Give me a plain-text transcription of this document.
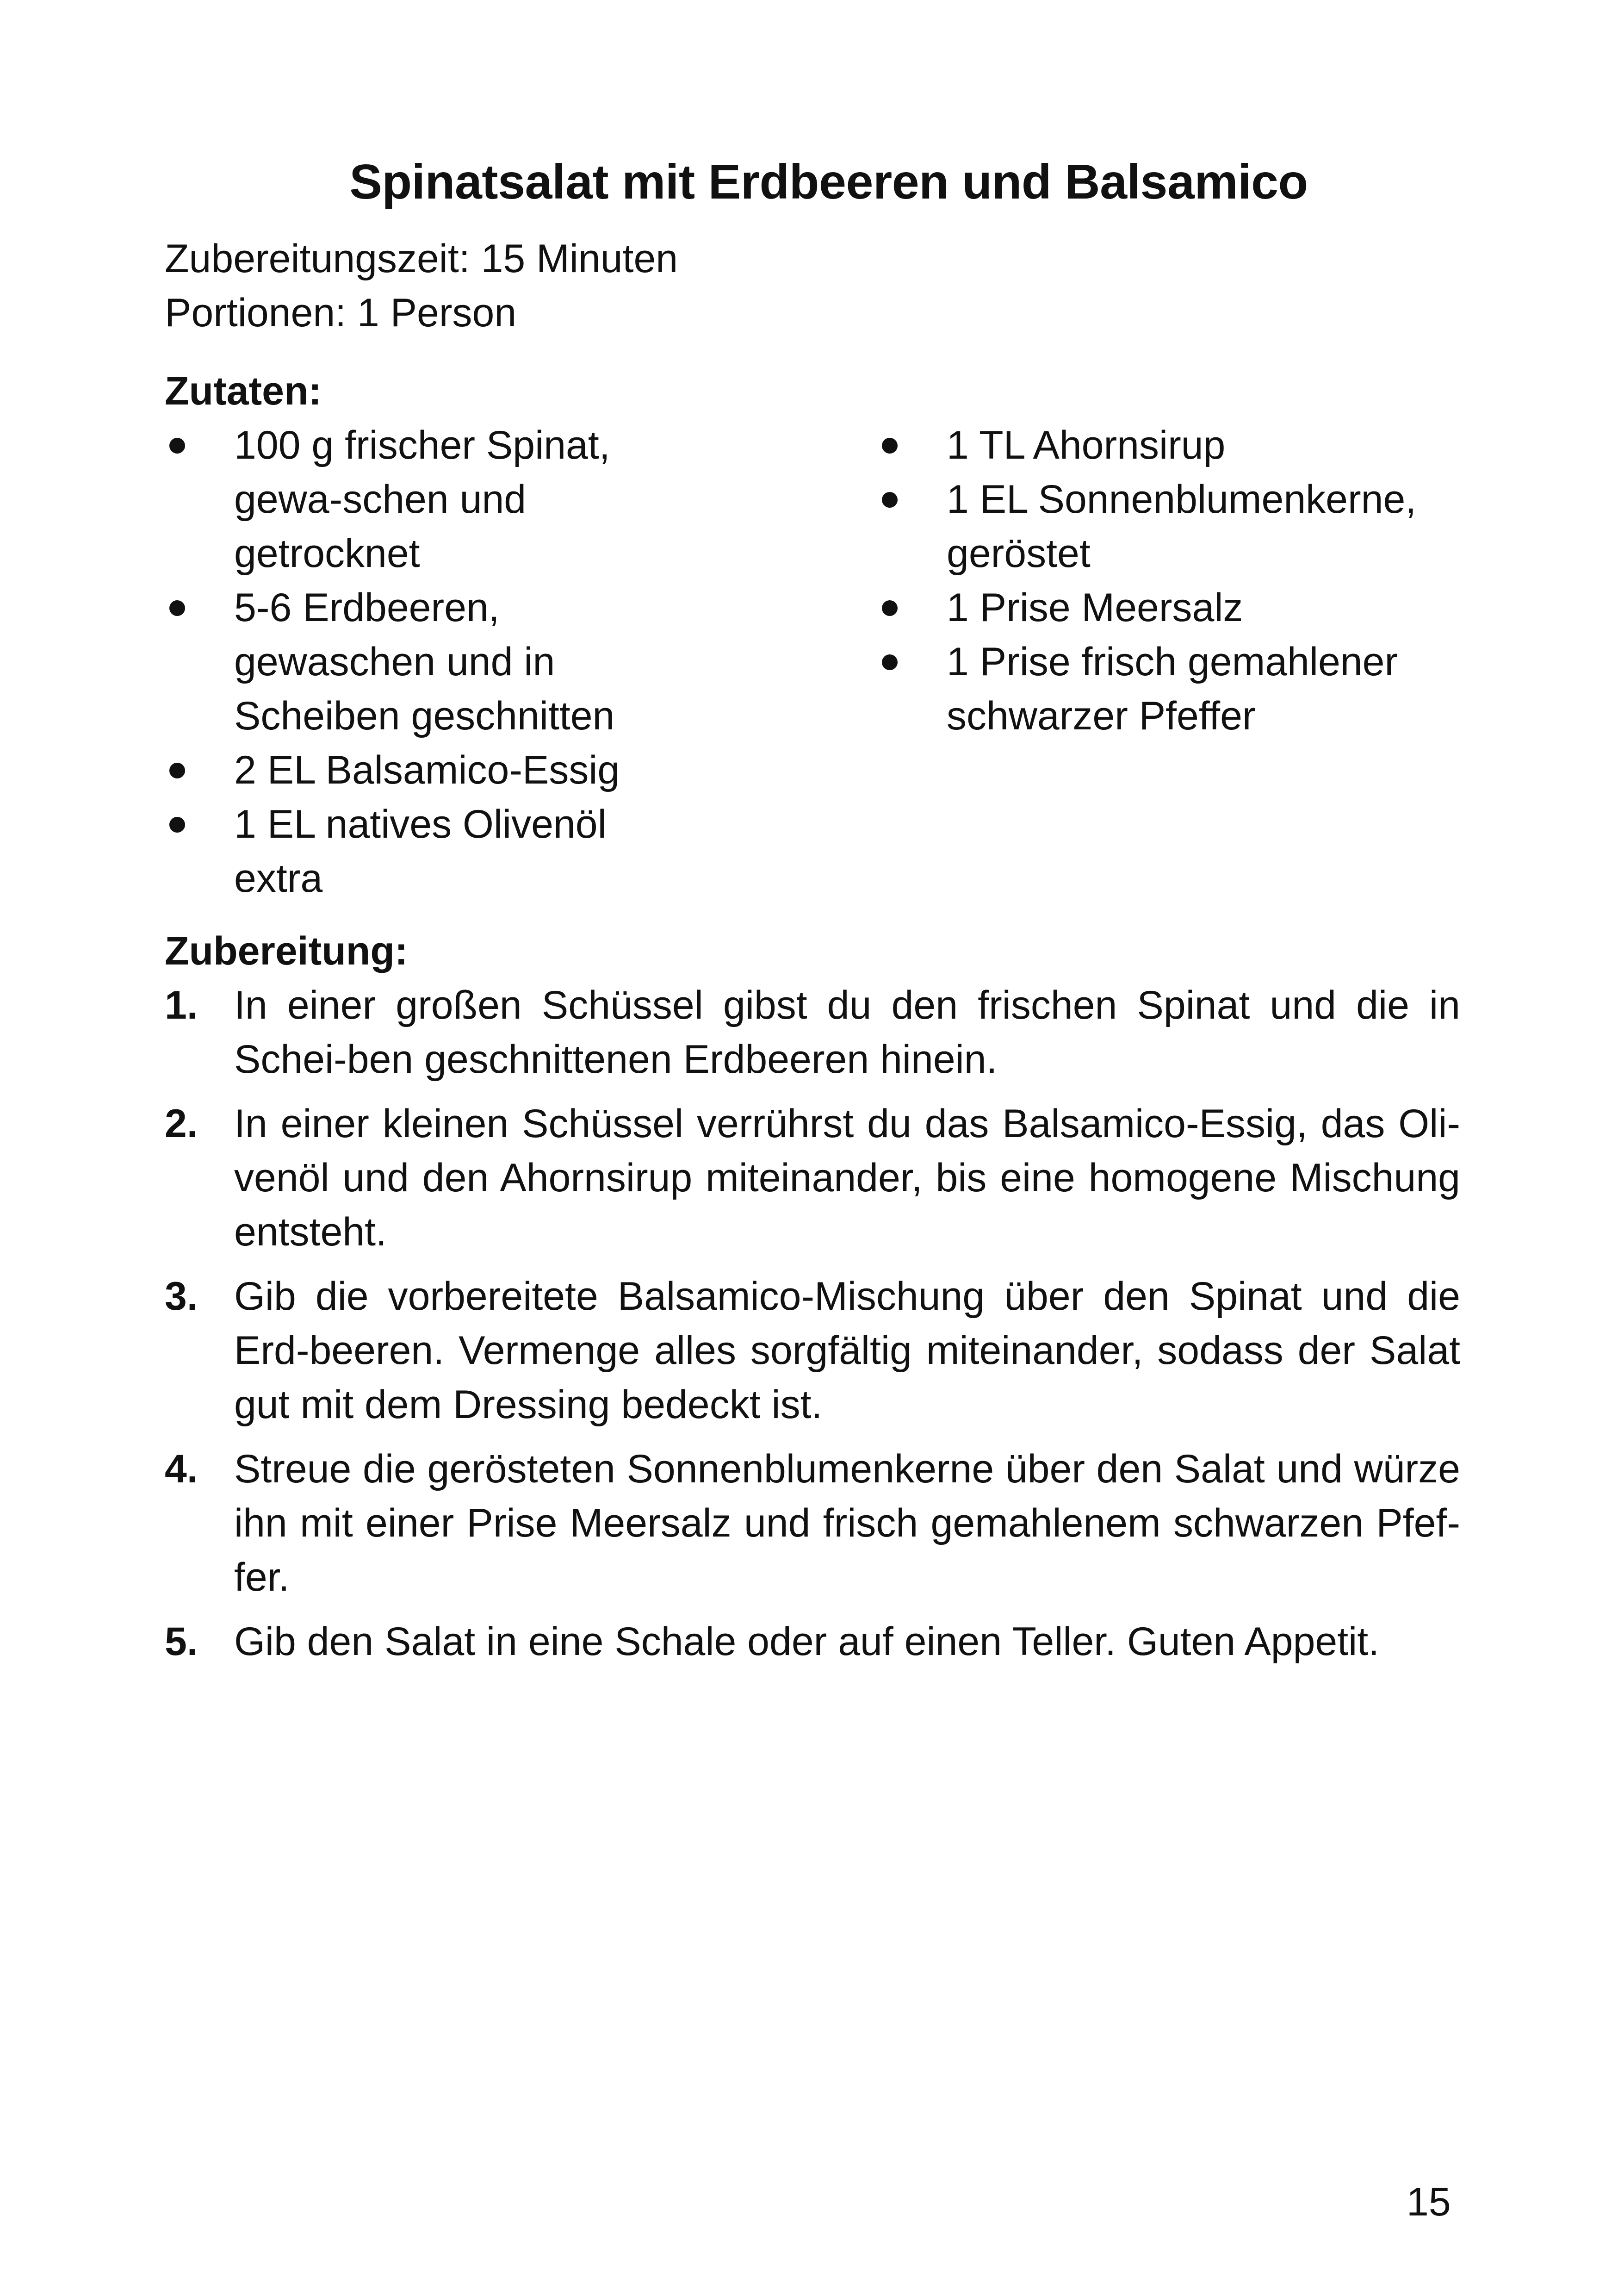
Spinatsalat mit Erdbeeren und Balsamico
Zubereitungszeit: 15 Minuten
Portionen: 1 Person
Zutaten:
100 g frischer Spinat, gewa-schen und getrocknet
5-6 Erdbeeren, gewaschen und in Scheiben geschnitten
2 EL Balsamico-Essig
1 EL natives Olivenöl extra
1 TL Ahornsirup
1 EL Sonnenblumenkerne, geröstet
1 Prise Meersalz
1 Prise frisch gemahlener schwarzer Pfeffer
Zubereitung:
1. In einer großen Schüssel gibst du den frischen Spinat und die in Schei-ben geschnittenen Erdbeeren hinein.
2. In einer kleinen Schüssel verrührst du das Balsamico-Essig, das Oli-venöl und den Ahornsirup miteinander, bis eine homogene Mischung entsteht.
3. Gib die vorbereitete Balsamico-Mischung über den Spinat und die Erd-beeren. Vermenge alles sorgfältig miteinander, sodass der Salat gut mit dem Dressing bedeckt ist.
4. Streue die gerösteten Sonnenblumenkerne über den Salat und würze ihn mit einer Prise Meersalz und frisch gemahlenem schwarzen Pfef-fer.
5. Gib den Salat in eine Schale oder auf einen Teller. Guten Appetit.
15
